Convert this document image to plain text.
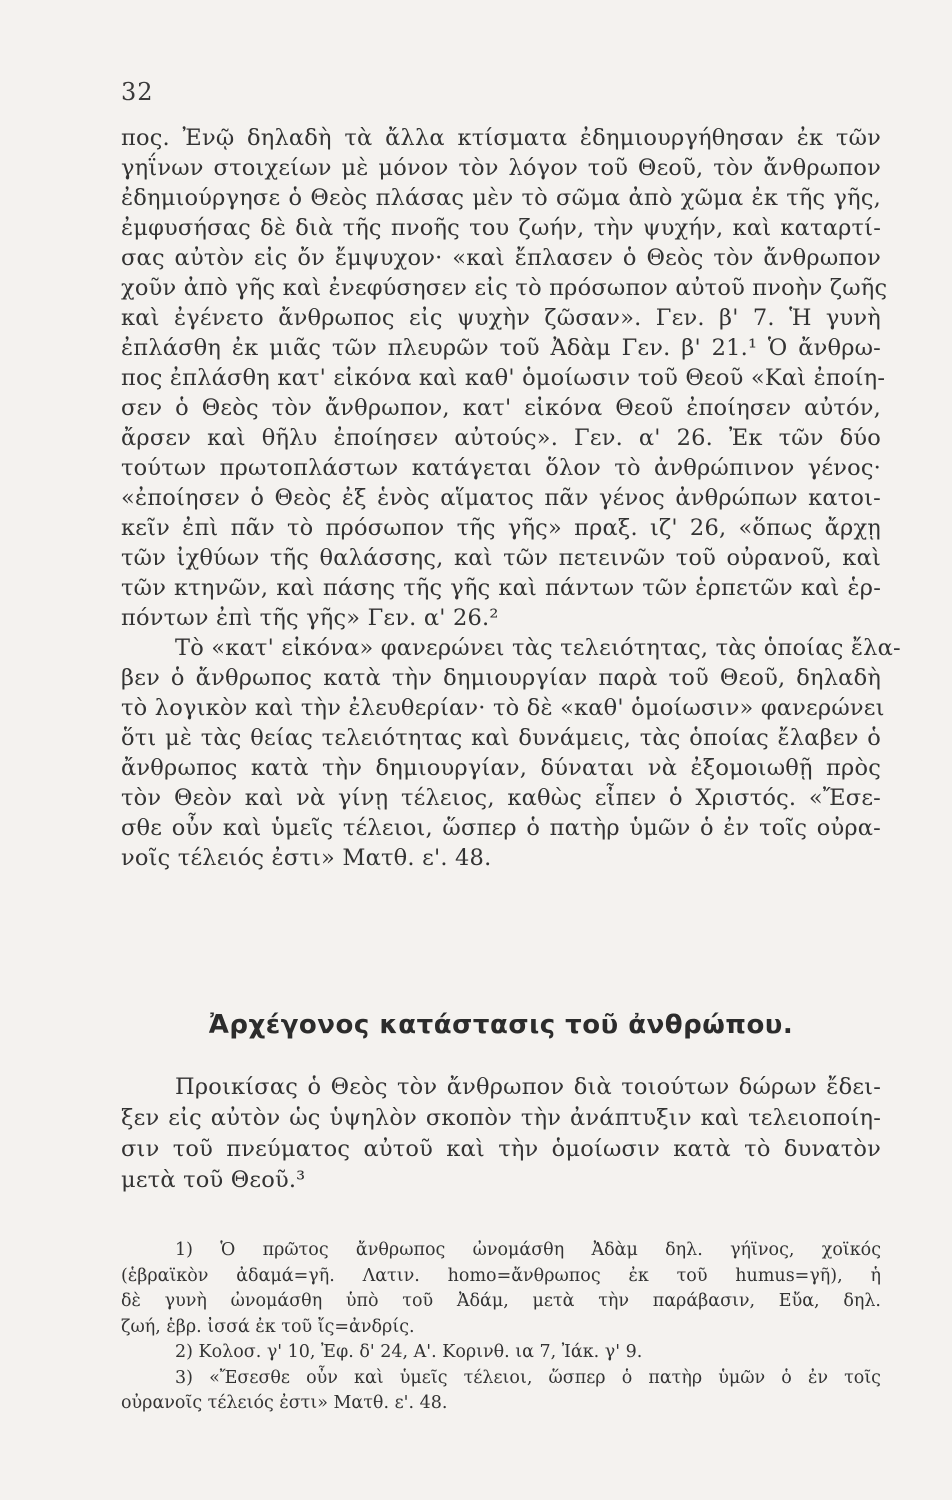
32
πος. Ἐνῷ δηλαδὴ τὰ ἄλλα κτίσματα ἐδημιουργήθησαν ἐκ τῶν
γηΐνων στοιχείων μὲ μόνον τὸν λόγον τοῦ Θεοῦ, τὸν ἄνθρωπον
ἐδημιούργησε ὁ Θεὸς πλάσας μὲν τὸ σῶμα ἀπὸ χῶμα ἐκ τῆς γῆς,
ἐμφυσήσας δὲ διὰ τῆς πνοῆς του ζωήν, τὴν ψυχήν, καὶ καταρτί-
σας αὐτὸν εἰς ὄν ἔμψυχον· «καὶ ἔπλασεν ὁ Θεὸς τὸν ἄνθρωπον
χοῦν ἀπὸ γῆς καὶ ἐνεφύσησεν εἰς τὸ πρόσωπον αὐτοῦ πνοὴν ζωῆς
καὶ ἐγένετο ἄνθρωπος εἰς ψυχὴν ζῶσαν». Γεν. β' 7. Ἡ γυνὴ
ἐπλάσθη ἐκ μιᾶς τῶν πλευρῶν τοῦ Ἀδὰμ Γεν. β' 21.¹ Ὁ ἄνθρω-
πος ἐπλάσθη κατ' εἰκόνα καὶ καθ' ὁμοίωσιν τοῦ Θεοῦ «Καὶ ἐποίη-
σεν ὁ Θεὸς τὸν ἄνθρωπον, κατ' εἰκόνα Θεοῦ ἐποίησεν αὐτόν,
ἄρσεν καὶ θῆλυ ἐποίησεν αὐτούς». Γεν. α' 26. Ἐκ τῶν δύο
τούτων πρωτοπλάστων κατάγεται ὅλον τὸ ἀνθρώπινον γένος·
«ἐποίησεν ὁ Θεὸς ἐξ ἑνὸς αἵματος πᾶν γένος ἀνθρώπων κατοι-
κεῖν ἐπὶ πᾶν τὸ πρόσωπον τῆς γῆς» πραξ. ιζ' 26, «ὅπως ἄρχῃ
τῶν ἰχθύων τῆς θαλάσσης, καὶ τῶν πετεινῶν τοῦ οὐρανοῦ, καὶ
τῶν κτηνῶν, καὶ πάσης τῆς γῆς καὶ πάντων τῶν ἑρπετῶν καὶ ἑρ-
πόντων ἐπὶ τῆς γῆς» Γεν. α' 26.²
Τὸ «κατ' εἰκόνα» φανερώνει τὰς τελειότητας, τὰς ὁποίας ἔλα-
βεν ὁ ἄνθρωπος κατὰ τὴν δημιουργίαν παρὰ τοῦ Θεοῦ, δηλαδὴ
τὸ λογικὸν καὶ τὴν ἐλευθερίαν· τὸ δὲ «καθ' ὁμοίωσιν» φανερώνει
ὅτι μὲ τὰς θείας τελειότητας καὶ δυνάμεις, τὰς ὁποίας ἔλαβεν ὁ
ἄνθρωπος κατὰ τὴν δημιουργίαν, δύναται νὰ ἐξομοιωθῇ πρὸς
τὸν Θεὸν καὶ νὰ γίνῃ τέλειος, καθὼς εἶπεν ὁ Χριστός. «Ἔσε-
σθε οὖν καὶ ὑμεῖς τέλειοι, ὥσπερ ὁ πατὴρ ὑμῶν ὁ ἐν τοῖς οὐρα-
νοῖς τέλειός ἐστι» Ματθ. ε'. 48.
Ἀρχέγονος κατάστασις τοῦ ἀνθρώπου.
Προικίσας ὁ Θεὸς τὸν ἄνθρωπον διὰ τοιούτων δώρων ἔδει-
ξεν εἰς αὐτὸν ὡς ὑψηλὸν σκοπὸν τὴν ἀνάπτυξιν καὶ τελειοποίη-
σιν τοῦ πνεύματος αὐτοῦ καὶ τὴν ὁμοίωσιν κατὰ τὸ δυνατὸν
μετὰ τοῦ Θεοῦ.³
1) Ὁ πρῶτος ἄνθρωπος ὠνομάσθη Ἀδὰμ δηλ. γήϊνος, χοϊκός
(ἑβραϊκὸν ἀδαμά=γῆ. Λατιν. homo=ἄνθρωπος ἐκ τοῦ humus=γῆ), ἡ
δὲ γυνὴ ὠνομάσθη ὑπὸ τοῦ Ἀδάμ, μετὰ τὴν παράβασιν, Εὔα, δηλ.
ζωή, ἑβρ. ἰσσά ἐκ τοῦ ἴς=ἀνδρίς.
2) Κολοσ. γ' 10, Ἐφ. δ' 24, Α'. Κορινθ. ια 7, Ἰάκ. γ' 9.
3) «Ἔσεσθε οὖν καὶ ὑμεῖς τέλειοι, ὥσπερ ὁ πατὴρ ὑμῶν ὁ ἐν τοῖς
οὐρανοῖς τέλειός ἐστι» Ματθ. ε'. 48.
